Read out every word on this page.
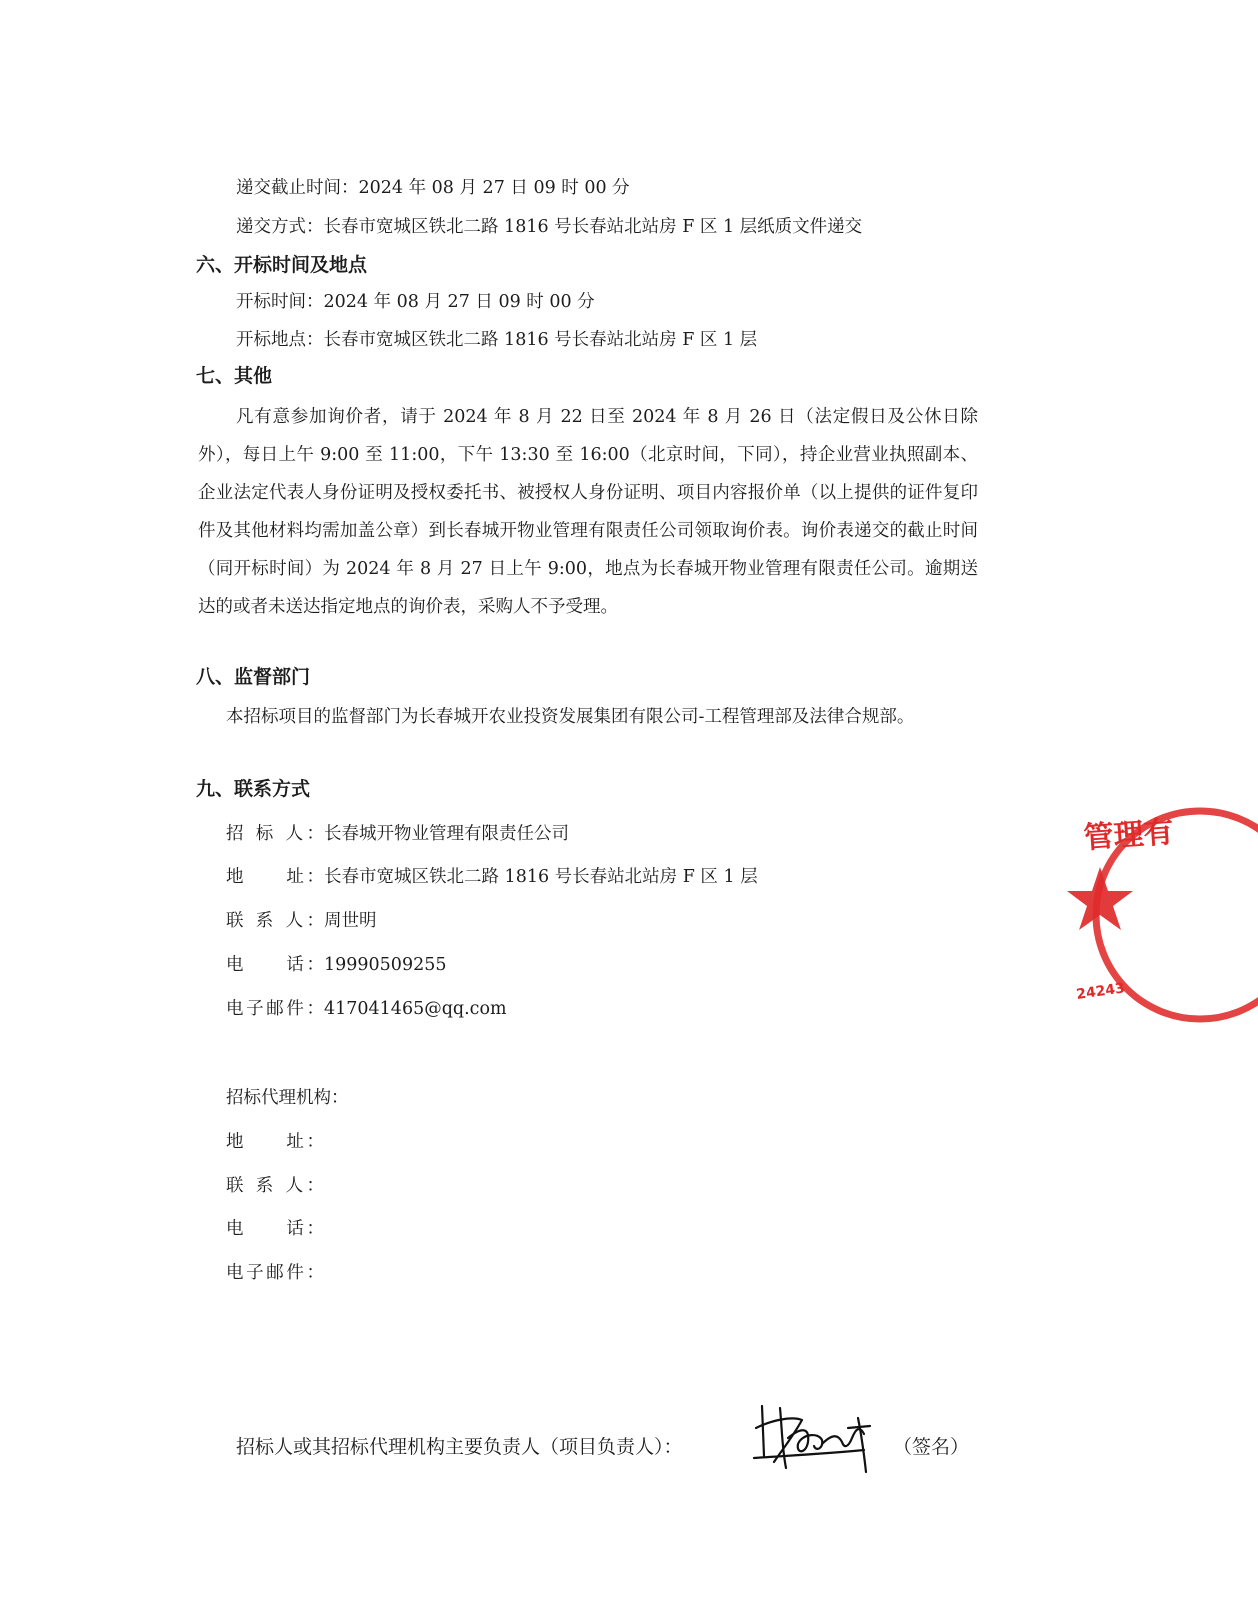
递交截止时间：2024 年 08 月 27 日 09 时 00 分
递交方式：长春市宽城区铁北二路 1816 号长春站北站房 F 区 1 层纸质文件递交
六、开标时间及地点
开标时间：2024 年 08 月 27 日 09 时 00 分
开标地点：长春市宽城区铁北二路 1816 号长春站北站房 F 区 1 层
七、其他
凡有意参加询价者，请于 2024 年 8 月 22 日至 2024 年 8 月 26 日（法定假日及公休日除外），每日上午 9:00 至 11:00，下午 13:30 至 16:00（北京时间，下同），持企业营业执照副本、企业法定代表人身份证明及授权委托书、被授权人身份证明、项目内容报价单（以上提供的证件复印件及其他材料均需加盖公章）到长春城开物业管理有限责任公司领取询价表。询价表递交的截止时间（同开标时间）为 2024 年 8 月 27 日上午 9:00，地点为长春城开物业管理有限责任公司。逾期送达的或者未送达指定地点的询价表，采购人不予受理。
八、监督部门
本招标项目的监督部门为长春城开农业投资发展集团有限公司-工程管理部及法律合规部。
九、联系方式
招 标 人：长春城开物业管理有限责任公司
地　　址：长春市宽城区铁北二路 1816 号长春站北站房 F 区 1 层
联 系 人：周世明
电　　话：19990509255
电子邮件：417041465@qq.com
招标代理机构：
地　　址：
联 系 人：
电　　话：
电子邮件：
招标人或其招标代理机构主要负责人（项目负责人）：	（签名）
管理有
24243
